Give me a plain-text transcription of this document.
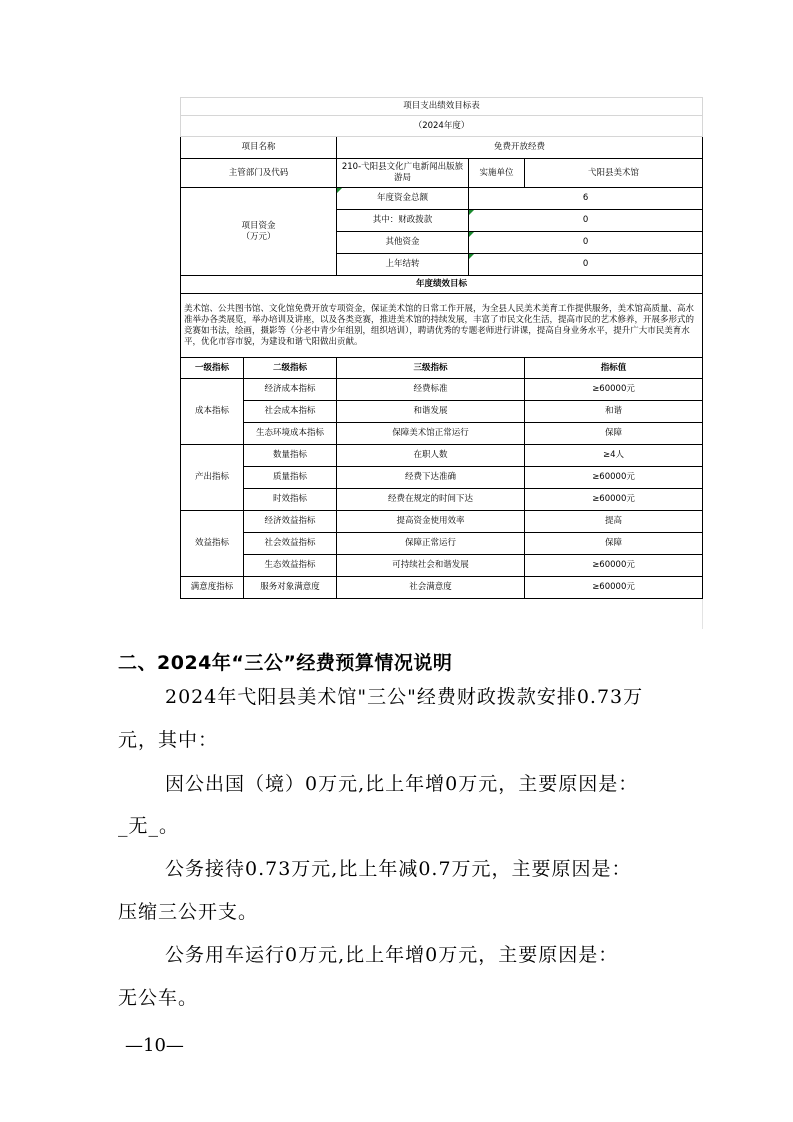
项目支出绩效目标表				
（2024年度）				
项目名称		免费开放经费		
主管部门及代码		210-弋阳县文化广电新闻出版旅游局	实施单位	弋阳县美术馆

项目资金
（万元）		年度资金总额	6	
		其中：财政拨款	0	
		其他资金	0	
		上年结转	0	
年度绩效目标				
美术馆、公共图书馆、文化馆免费开放专项资金，保证美术馆的日常工作开展，为全县人民美术美育工作提供服务，美术馆高质量、高水准举办各类展览，举办培训及讲座，以及各类竞赛，推进美术馆的持续发展，丰富了市民文化生活，提高市民的艺术修养，开展多形式的竞赛如书法，绘画，摄影等（分老中青少年组别，组织培训），聘请优秀的专题老师进行讲课，提高自身业务水平，提升广大市民美育水平，优化市容市貌，为建设和谐弋阳做出贡献。				
一级指标	二级指标	三级指标		指标值
成本指标	经济成本指标	经费标准		≥60000元
	社会成本指标	和谐发展		和谐
	生态环境成本指标	保障美术馆正常运行		保障
产出指标	数量指标	在职人数		≥4人
	质量指标	经费下达准确		≥60000元
	时效指标	经费在规定的时间下达		≥60000元
效益指标	经济效益指标	提高资金使用效率		提高
	社会效益指标	保障正常运行		保障
	生态效益指标	可持续社会和谐发展		≥60000元
满意度指标	服务对象满意度	社会满意度		≥60000元
二、2024年“三公”经费预算情况说明
2024年弋阳县美术馆"三公"经费财政拨款安排0.73万
元，其中：
因公出国（境）0万元,比上年增0万元，主要原因是：
_无_。
公务接待0.73万元,比上年减0.7万元，主要原因是：
压缩三公开支。
公务用车运行0万元,比上年增0万元，主要原因是：
无公车。
—10—
